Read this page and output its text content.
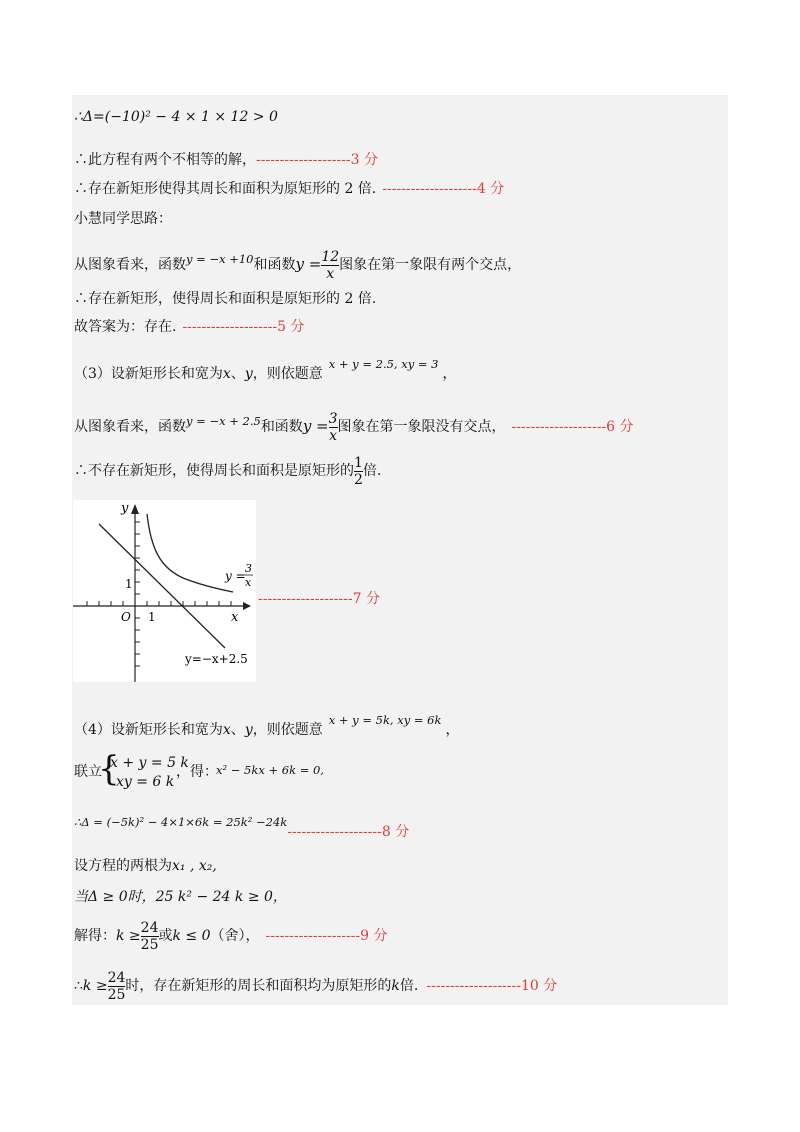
∴Δ=(−10)² − 4 × 1 × 12 > 0
∴此方程有两个不相等的解，--------------------3 分
∴存在新矩形使得其周长和面积为原矩形的 2 倍. --------------------4 分
小慧同学思路：
从图象看来，函数$^{y = -x +10}$和函数$y = \frac{12}{x}$ 图象在第一象限有两个交点，
∴存在新矩形，使得周长和面积是原矩形的 2 倍.
故答案为：存在. --------------------5 分
（3）设新矩形长和宽为x、y，则依题意$^{x + y = 2.5, xy = 3}$，
从图象看来，函数$^{y = -x + 2.5}$和函数$y = \frac{3}{x}$ 图象在第一象限没有交点， --------------------6 分
∴不存在新矩形，使得周长和面积是原矩形的 $\frac{1}{2}$ 倍.
y
x
O 1
1
y =
3
x
y=−x+2.5
--------------------7 分
（4）设新矩形长和宽为x、y，则依题意$^{x + y = 5k, xy = 6k}$，
联立
{
x + y = 5 k
xy = 6 k
，得：
x² − 5kx + 6k = 0,
$^{\therefore\Delta = (-5k)^2 - 4\times 1\times 6k = 25k^2 -24k}$--------------------8 分
设方程的两根为x₁ , x₂,
当Δ ≥ 0时，25 k² − 24 k ≥ 0，
解得：$k \ge \frac{24}{25}$ 或k ≤ 0（舍）， --------------------9 分
∴k ≥ $\frac{24}{25}$ 时，存在新矩形的周长和面积均为原矩形的k倍. --------------------10 分
